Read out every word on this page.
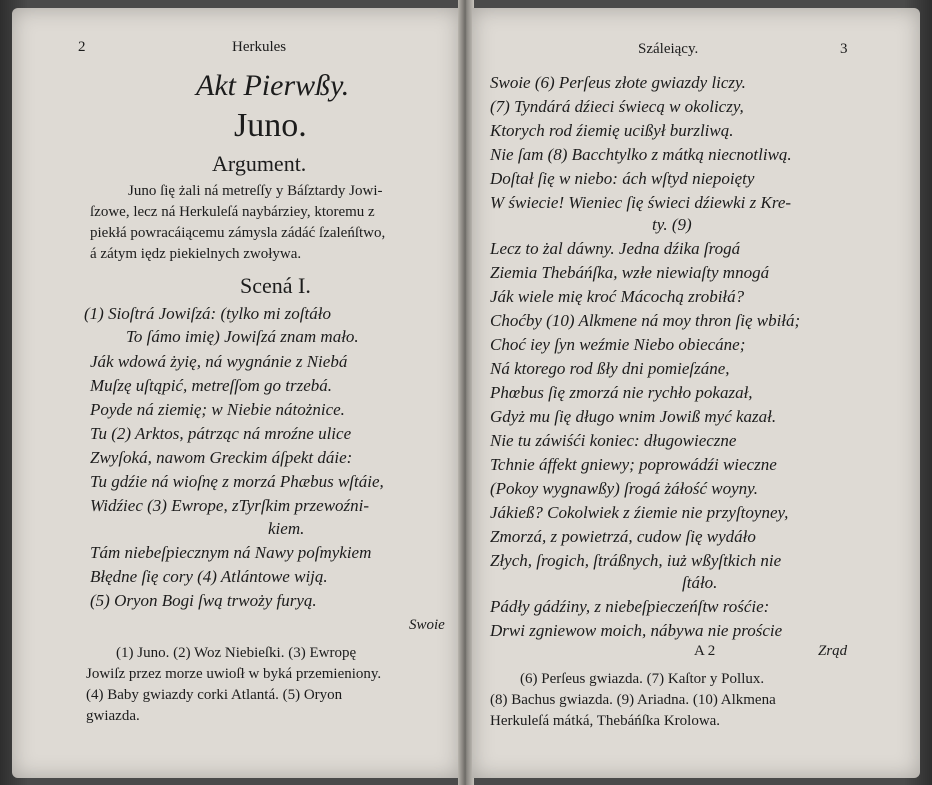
2	Herkules
Akt Pierwßy.
Juno.
Argument.
Juno ſię żali ná metreſſy y Báſztardy Jowi-
ſzowe, lecz ná Herkuleſá naybárziey, ktoremu z
piekłá powracáiącemu zámysla zádáć ſzaleńſtwo,
á zátym iędz piekielnych zwoływa.
Scená I.
(1) Sioſtrá Jowiſzá: (tylko mi zoſtáło
To ſámo imię) Jowiſzá znam mało.
Ják wdowá żyię, ná wygnánie z Niebá
Muſzę uſtąpić, metreſſom go trzebá.
Poyde ná ziemię; w Niebie nátożnice.
Tu (2) Arktos, pátrząc ná mroźne ulice
Zwyſoká, nawom Greckim áſpekt dáie:
Tu gdźie ná wioſnę z morzá Phæbus wſtáie,
Widźiec (3) Ewrope, zTyrſkim przewoźni-
kiem.
Tám niebeſpiecznym ná Nawy poſmykiem
Błędne ſię cory (4) Atlántowe wiją.
(5) Oryon Bogi ſwą trwoży furyą.
Swoie
(1) Juno. (2) Woz Niebieſki. (3) Ewropę
Jowiſz przez morze uwioſł w byká przemieniony.
(4) Baby gwiazdy corki Atlantá. (5) Oryon
gwiazda.
Száleiący.	3
Swoie (6) Perſeus złote gwiazdy liczy.
(7) Tyndárá dźieci świecą w okoliczy,
Ktorych rod źiemię ucißył burzliwą.
Nie ſam (8) Bacchtylko z mátką niecnotliwą.
Doſtał ſię w niebo: ách wſtyd niepoięty
W świecie! Wieniec ſię świeci dźiewki z Kre-
ty. (9)
Lecz to żal dáwny. Jedna dźika ſrogá
Ziemia Thebáńſka, wzłe niewiaſty mnogá
Ják wiele mię kroć Mácochą zrobiłá?
Choćby (10) Alkmene ná moy thron ſię wbiłá;
Choć iey ſyn weźmie Niebo obiecáne;
Ná ktorego rod ßły dni pomieſzáne,
Phœbus ſię zmorzá nie rychło pokazał,
Gdyż mu ſię długo wnim Jowiß myć kazał.
Nie tu záwiśći koniec: długowieczne
Tchnie áffekt gniewy; poprowádźi wieczne
(Pokoy wygnawßy) ſrogá żáłość woyny.
Jákieß? Cokolwiek z źiemie nie przyſtoyney,
Zmorzá, z powietrzá, cudow ſię wydáło
Złych, ſrogich, ſtráßnych, iuż wßyſtkich nie
ſtáło.
Pádły gádźiny, z niebeſpieczeńſtw rośćie:
Drwi zgniewow moich, nábywa nie proście
A 2	Zrąd
(6) Perſeus gwiazda. (7) Kaſtor y Pollux.
(8) Bachus gwiazda. (9) Ariadna. (10) Alkmena
Herkuleſá mátká, Thebáńſka Krolowa.
